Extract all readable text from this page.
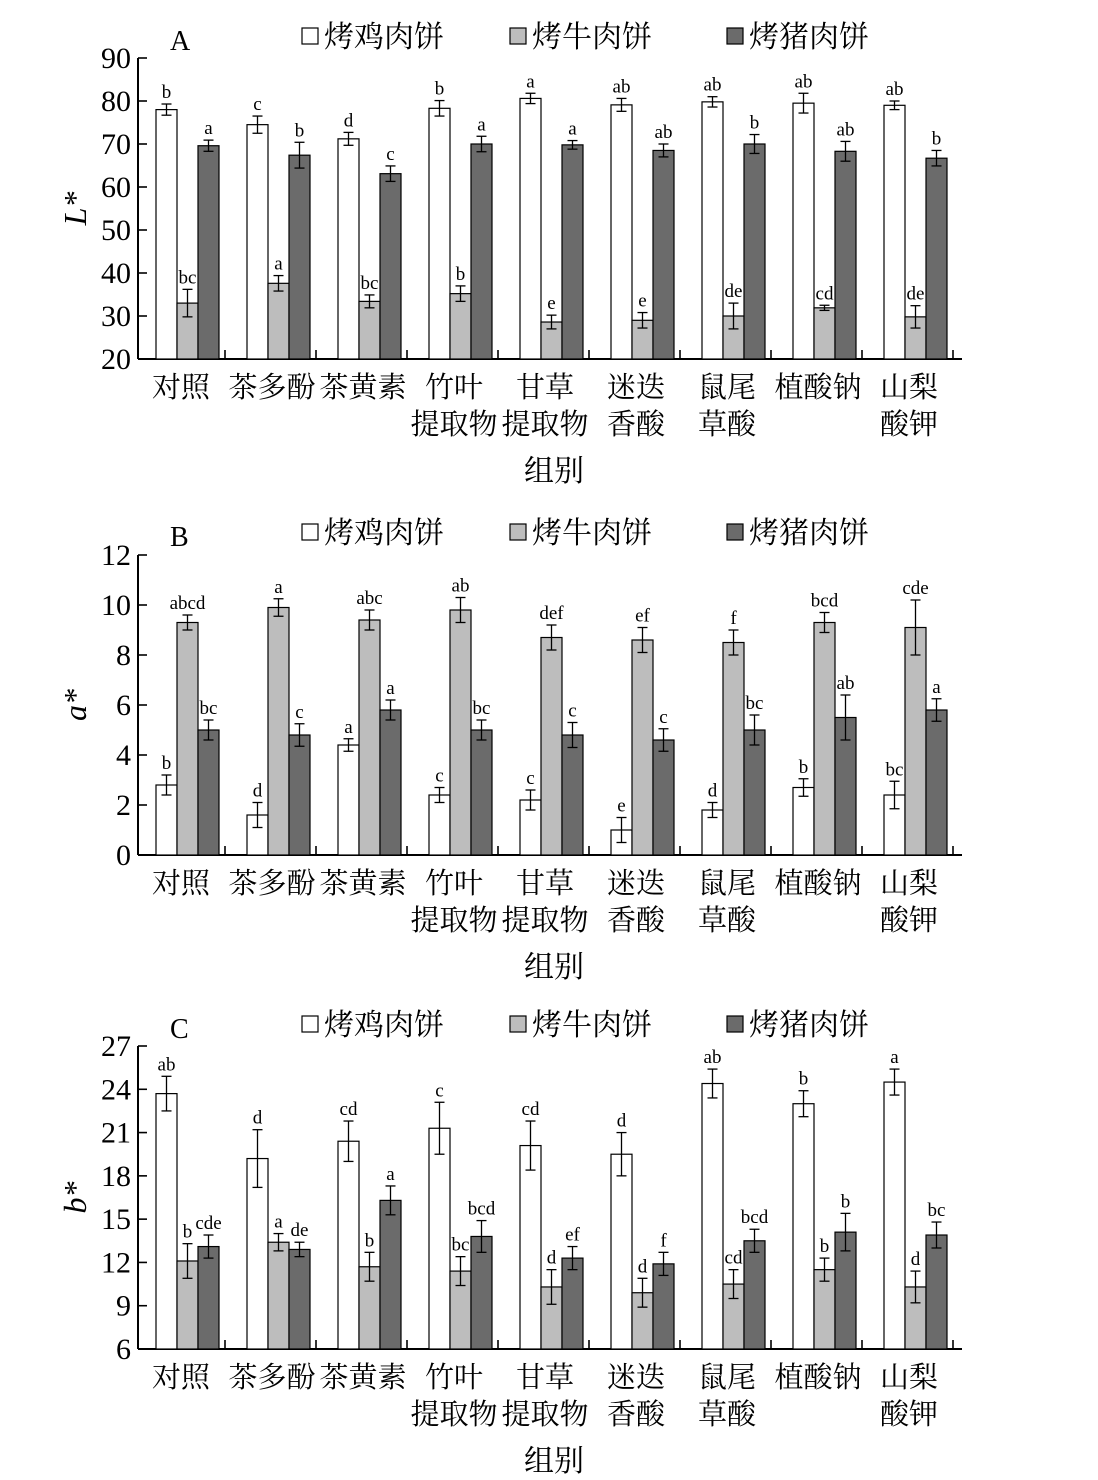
A	烤鸡肉饼	烤牛肉饼	烤猪肉饼
20
30
40
50
60
70
80
90
L*
b
bc
a
对照
c
a
b
茶多酚
d
bc
c
茶黄素
b
b
a
竹叶
提取物
a
e
a
甘草
提取物
ab
e
ab
迷迭
香酸
ab
de
b
鼠尾
草酸
ab
cd
ab
植酸钠
ab
de
b
山梨
酸钾
组别
B	烤鸡肉饼	烤牛肉饼	烤猪肉饼
0
2
4
6
8
10
12
a*
b
abcd
bc
对照
d
a
c
茶多酚
a
abc
a
茶黄素
c
ab
bc
竹叶
提取物
c
def
c
甘草
提取物
e
ef
c
迷迭
香酸
d
f
bc
鼠尾
草酸
b
bcd
ab
植酸钠
bc
cde
a
山梨
酸钾
组别
C	烤鸡肉饼	烤牛肉饼	烤猪肉饼
6
9
12
15
18
21
24
27
b*
ab
b cde
对照
d
a de
茶多酚
cd
b
a
茶黄素
c
bc
bcd
竹叶
提取物
cd
d
ef
甘草
提取物
d
d
f
迷迭
香酸
ab
cd
bcd
鼠尾
草酸
b
b
b
植酸钠
a
d
bc
山梨
酸钾
组别
